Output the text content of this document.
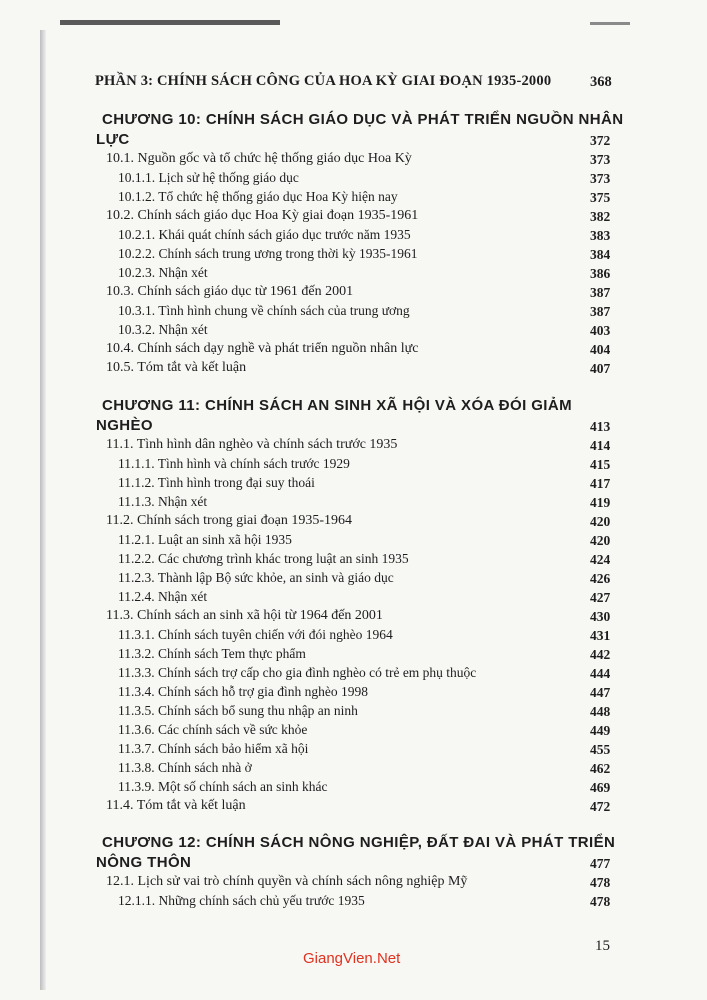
PHẦN 3: CHÍNH SÁCH CÔNG CỦA HOA KỲ GIAI ĐOẠN 1935-2000	368
CHƯƠNG 10: CHÍNH SÁCH GIÁO DỤC VÀ PHÁT TRIỂN NGUỒN NHÂN
LỰC	372
10.1. Nguồn gốc và tổ chức hệ thống giáo dục Hoa Kỳ	373
10.1.1. Lịch sử hệ thống giáo dục	373
10.1.2. Tổ chức hệ thống giáo dục Hoa Kỳ hiện nay	375
10.2. Chính sách giáo dục Hoa Kỳ giai đoạn 1935-1961	382
10.2.1. Khái quát chính sách giáo dục trước năm 1935	383
10.2.2. Chính sách trung ương trong thời kỳ 1935-1961	384
10.2.3. Nhận xét	386
10.3. Chính sách giáo dục từ 1961 đến 2001	387
10.3.1. Tình hình chung về chính sách của trung ương	387
10.3.2. Nhận xét	403
10.4. Chính sách dạy nghề và phát triển nguồn nhân lực	404
10.5. Tóm tắt và kết luận	407
CHƯƠNG 11: CHÍNH SÁCH AN SINH XÃ HỘI VÀ XÓA ĐÓI GIẢM
NGHÈO	413
11.1. Tình hình dân nghèo và chính sách trước 1935	414
11.1.1. Tình hình và chính sách trước 1929	415
11.1.2. Tình hình trong đại suy thoái	417
11.1.3. Nhận xét	419
11.2. Chính sách trong giai đoạn 1935-1964	420
11.2.1. Luật an sinh xã hội 1935	420
11.2.2. Các chương trình khác trong luật an sinh 1935	424
11.2.3. Thành lập Bộ sức khỏe, an sinh và giáo dục	426
11.2.4. Nhận xét	427
11.3. Chính sách an sinh xã hội từ 1964 đến 2001	430
11.3.1. Chính sách tuyên chiến với đói nghèo 1964	431
11.3.2. Chính sách Tem thực phẩm	442
11.3.3. Chính sách trợ cấp cho gia đình nghèo có trẻ em phụ thuộc	444
11.3.4. Chính sách hỗ trợ gia đình nghèo 1998	447
11.3.5. Chính sách bổ sung thu nhập an ninh	448
11.3.6. Các chính sách về sức khỏe	449
11.3.7. Chính sách bảo hiểm xã hội	455
11.3.8. Chính sách nhà ở	462
11.3.9. Một số chính sách an sinh khác	469
11.4. Tóm tắt và kết luận	472
CHƯƠNG 12: CHÍNH SÁCH NÔNG NGHIỆP, ĐẤT ĐAI VÀ PHÁT TRIỂN
NÔNG THÔN	477
12.1. Lịch sử vai trò chính quyền và chính sách nông nghiệp Mỹ	478
12.1.1. Những chính sách chủ yếu trước 1935	478
15
GiangVien.Net
